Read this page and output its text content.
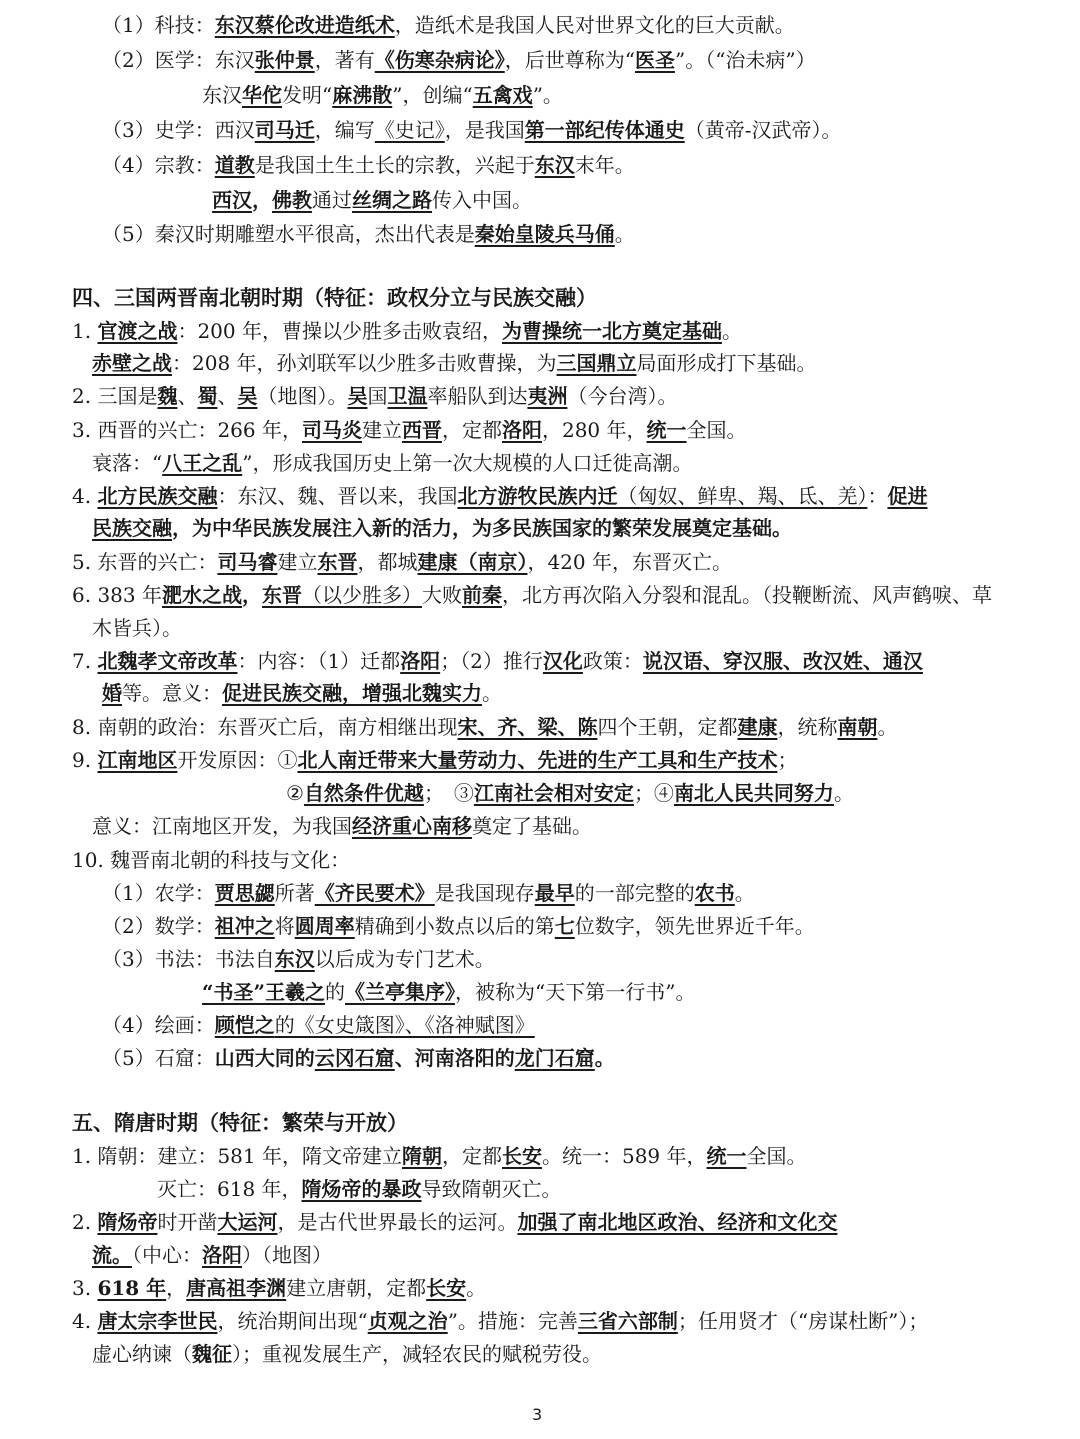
（1）科技：东汉蔡伦改进造纸术，造纸术是我国人民对世界文化的巨大贡献。
（2）医学：东汉张仲景，著有《伤寒杂病论》，后世尊称为“医圣”。（“治未病”）
东汉华佗发明“麻沸散”，创编“五禽戏”。
（3）史学：西汉司马迁，编写《史记》，是我国第一部纪传体通史（黄帝-汉武帝）。
（4）宗教：道教是我国土生土长的宗教，兴起于东汉末年。
西汉，佛教通过丝绸之路传入中国。
（5）秦汉时期雕塑水平很高，杰出代表是秦始皇陵兵马俑。
四、三国两晋南北朝时期（特征：政权分立与民族交融）
1. 官渡之战：200 年，曹操以少胜多击败袁绍，为曹操统一北方奠定基础。
赤壁之战：208 年，孙刘联军以少胜多击败曹操，为三国鼎立局面形成打下基础。
2. 三国是魏、蜀、吴（地图）。吴国卫温率船队到达夷洲（今台湾）。
3. 西晋的兴亡：266 年，司马炎建立西晋，定都洛阳，280 年，统一全国。
衰落：“八王之乱”，形成我国历史上第一次大规模的人口迁徙高潮。
4. 北方民族交融：东汉、魏、晋以来，我国北方游牧民族内迁（匈奴、鲜卑、羯、氐、羌）：促进
民族交融，为中华民族发展注入新的活力，为多民族国家的繁荣发展奠定基础。
5. 东晋的兴亡：司马睿建立东晋，都城建康（南京），420 年，东晋灭亡。
6. 383 年淝水之战，东晋（以少胜多）大败前秦，北方再次陷入分裂和混乱。（投鞭断流、风声鹤唳、草
木皆兵）。
7. 北魏孝文帝改革：内容：（1）迁都洛阳；（2）推行汉化政策：说汉语、穿汉服、改汉姓、通汉
婚等。意义：促进民族交融，增强北魏实力。
8. 南朝的政治：东晋灭亡后，南方相继出现宋、齐、梁、陈四个王朝，定都建康，统称南朝。
9. 江南地区开发原因：①北人南迁带来大量劳动力、先进的生产工具和生产技术；
②自然条件优越；　③江南社会相对安定；④南北人民共同努力。
意义：江南地区开发，为我国经济重心南移奠定了基础。
10. 魏晋南北朝的科技与文化：
（1）农学：贾思勰所著《齐民要术》是我国现存最早的一部完整的农书。
（2）数学：祖冲之将圆周率精确到小数点以后的第七位数字，领先世界近千年。
（3）书法：书法自东汉以后成为专门艺术。
“书圣”王羲之的《兰亭集序》，被称为“天下第一行书”。
（4）绘画：顾恺之的《女史箴图》、《洛神赋图》
（5）石窟：山西大同的云冈石窟、河南洛阳的龙门石窟。
五、隋唐时期（特征：繁荣与开放）
1. 隋朝：建立：581 年，隋文帝建立隋朝，定都长安。统一：589 年，统一全国。
灭亡：618 年，隋炀帝的暴政导致隋朝灭亡。
2. 隋炀帝时开凿大运河，是古代世界最长的运河。加强了南北地区政治、经济和文化交
流。（中心：洛阳）（地图）
3. 618 年，唐高祖李渊建立唐朝，定都长安。
4. 唐太宗李世民，统治期间出现“贞观之治”。措施：完善三省六部制；任用贤才（“房谋杜断”）；
虚心纳谏（魏征）；重视发展生产，减轻农民的赋税劳役。
3
